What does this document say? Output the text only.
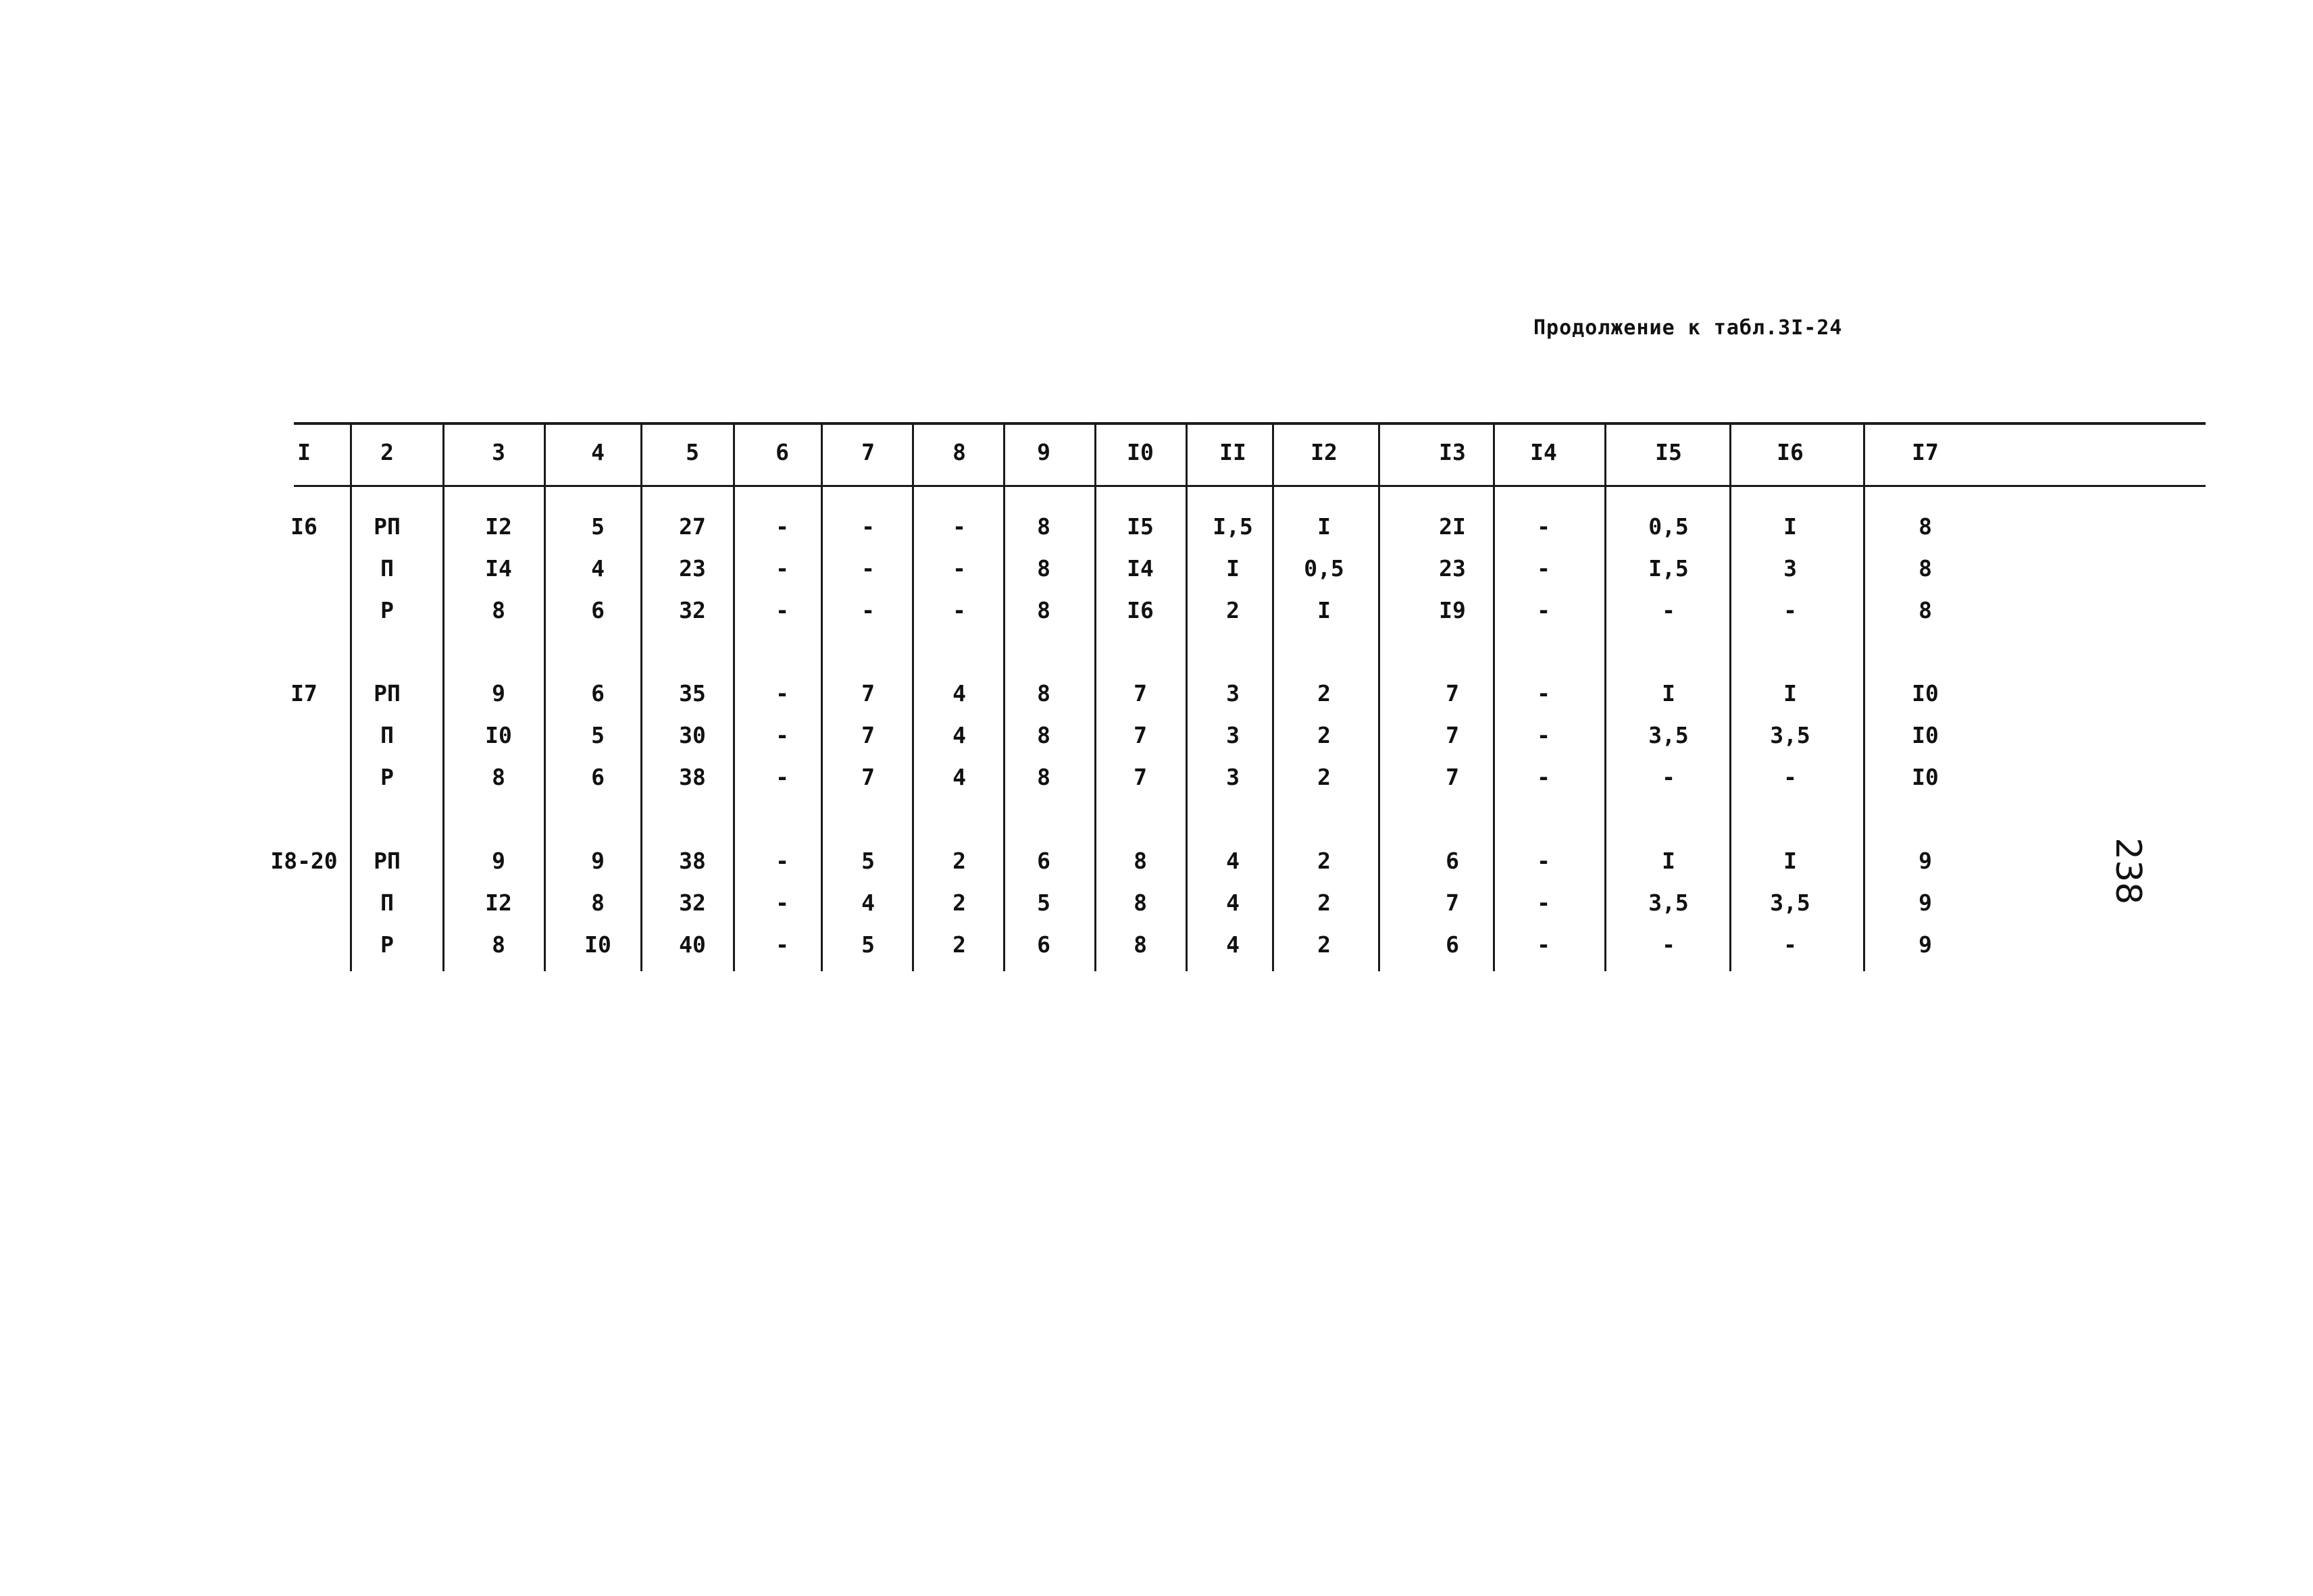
Продолжение к табл.3I-24
238
I	2	3	4	5	6	7	8	9	I0	II	I2	I3	I4	I5	I6	I7
I6	РП	I2	5	27	-	-	-	8	I5	I,5	I	2I	-	0,5	I	8
П	I4	4	23	-	-	-	8	I4	I	0,5	23	-	I,5	3	8
Р	8	6	32	-	-	-	8	I6	2	I	I9	-	-	-	8
I7	РП	9	6	35	-	7	4	8	7	3	2	7	-	I	I	I0
П	I0	5	30	-	7	4	8	7	3	2	7	-	3,5	3,5	I0
Р	8	6	38	-	7	4	8	7	3	2	7	-	-	-	I0
I8-20 РП	9	9	38	-	5	2	6	8	4	2	6	-	I	I	9
П	I2	8	32	-	4	2	5	8	4	2	7	-	3,5	3,5	9
Р	8	I0	40	-	5	2	6	8	4	2	6	-	-	-	9
